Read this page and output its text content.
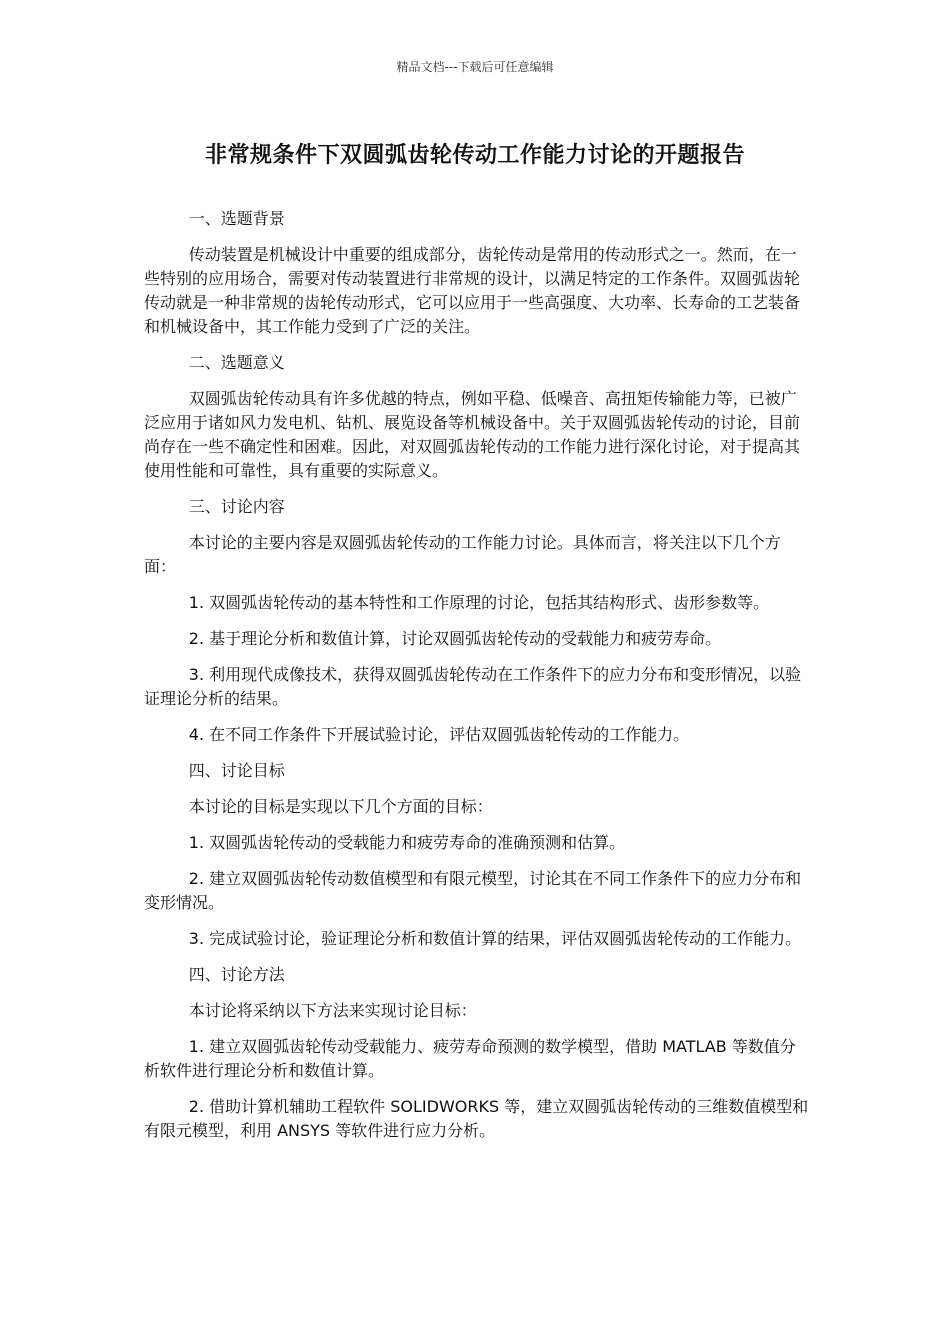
精品文档---下载后可任意编辑
非常规条件下双圆弧齿轮传动工作能力讨论的开题报告

一、选题背景

传动装置是机械设计中重要的组成部分，齿轮传动是常用的传动形式之一。然而，在一些特别的应用场合，需要对传动装置进行非常规的设计，以满足特定的工作条件。双圆弧齿轮传动就是一种非常规的齿轮传动形式，它可以应用于一些高强度、大功率、长寿命的工艺装备和机械设备中，其工作能力受到了广泛的关注。

二、选题意义

双圆弧齿轮传动具有许多优越的特点，例如平稳、低噪音、高扭矩传输能力等，已被广泛应用于诸如风力发电机、钻机、展览设备等机械设备中。关于双圆弧齿轮传动的讨论，目前尚存在一些不确定性和困难。因此，对双圆弧齿轮传动的工作能力进行深化讨论，对于提高其使用性能和可靠性，具有重要的实际意义。

三、讨论内容

本讨论的主要内容是双圆弧齿轮传动的工作能力讨论。具体而言，将关注以下几个方面：

1. 双圆弧齿轮传动的基本特性和工作原理的讨论，包括其结构形式、齿形参数等。

2. 基于理论分析和数值计算，讨论双圆弧齿轮传动的受载能力和疲劳寿命。

3. 利用现代成像技术，获得双圆弧齿轮传动在工作条件下的应力分布和变形情况，以验证理论分析的结果。

4. 在不同工作条件下开展试验讨论，评估双圆弧齿轮传动的工作能力。

四、讨论目标

本讨论的目标是实现以下几个方面的目标：

1. 双圆弧齿轮传动的受载能力和疲劳寿命的准确预测和估算。

2. 建立双圆弧齿轮传动数值模型和有限元模型，讨论其在不同工作条件下的应力分布和变形情况。

3. 完成试验讨论，验证理论分析和数值计算的结果，评估双圆弧齿轮传动的工作能力。

四、讨论方法

本讨论将采纳以下方法来实现讨论目标：

1. 建立双圆弧齿轮传动受载能力、疲劳寿命预测的数学模型，借助 MATLAB 等数值分析软件进行理论分析和数值计算。

2. 借助计算机辅助工程软件 SOLIDWORKS 等，建立双圆弧齿轮传动的三维数值模型和有限元模型，利用 ANSYS 等软件进行应力分析。
